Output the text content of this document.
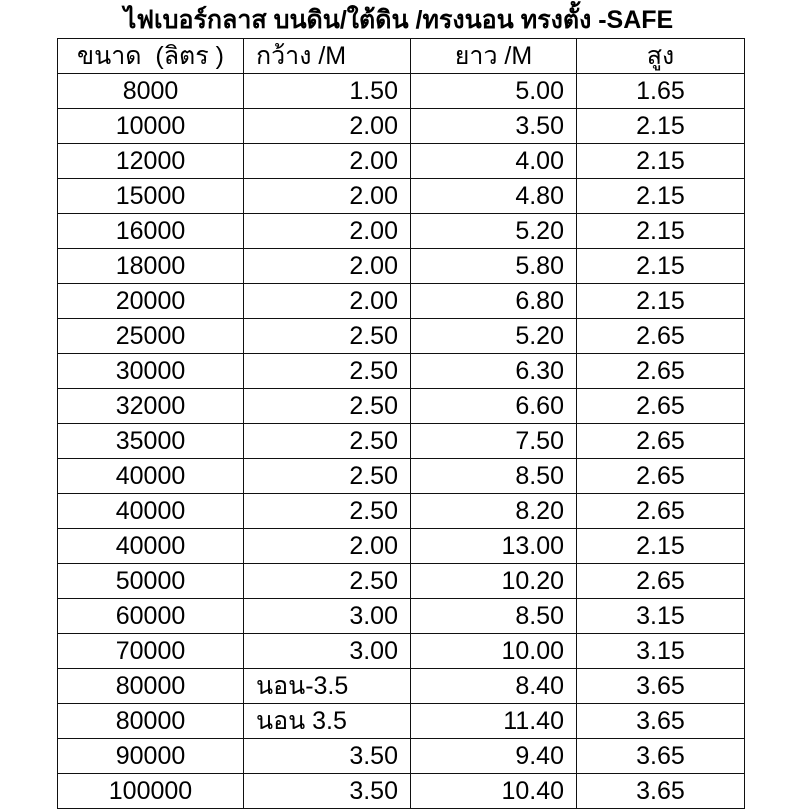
ไฟเบอร์กลาส บนดิน/ใต้ดิน /ทรงนอน ทรงตั้ง -SAFE
ขนาด  (ลิตร )	กว้าง /M	ยาว /M	สูง
8000	1.50	5.00	1.65
10000	2.00	3.50	2.15
12000	2.00	4.00	2.15
15000	2.00	4.80	2.15
16000	2.00	5.20	2.15
18000	2.00	5.80	2.15
20000	2.00	6.80	2.15
25000	2.50	5.20	2.65
30000	2.50	6.30	2.65
32000	2.50	6.60	2.65
35000	2.50	7.50	2.65
40000	2.50	8.50	2.65
40000	2.50	8.20	2.65
40000	2.00	13.00	2.15
50000	2.50	10.20	2.65
60000	3.00	8.50	3.15
70000	3.00	10.00	3.15
80000	นอน-3.5	8.40	3.65
80000	นอน 3.5	11.40	3.65
90000	3.50	9.40	3.65
100000	3.50	10.40	3.65
